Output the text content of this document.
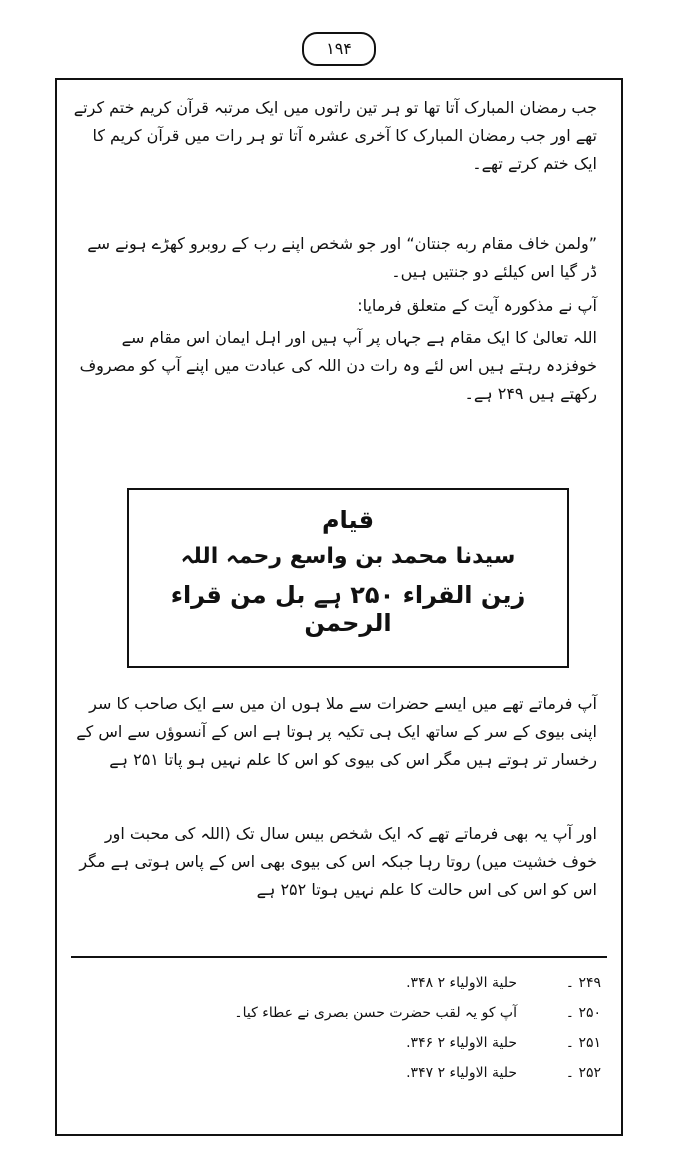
۱۹۴

جب رمضان المبارک آتا تھا تو ہر تین راتوں میں ایک مرتبہ قرآن کریم ختم کرتے تھے اور جب رمضان المبارک کا آخری عشرہ آتا تو ہر رات میں قرآن کریم کا ایک ختم کرتے تھے۔

”ولمن خاف مقام ربه جنتان“ اور جو شخص اپنے رب کے روبرو کھڑے ہونے سے ڈر گیا اس کیلئے دو جنتیں ہیں۔

آپ نے مذکورہ آیت کے متعلق فرمایا:

اللہ تعالیٰ کا ایک مقام ہے جہاں پر آپ ہیں اور اہل ایمان اس مقام سے خوفزدہ رہتے ہیں اس لئے وہ رات دن اللہ کی عبادت میں اپنے آپ کو مصروف رکھتے ہیں ۲۴۹ ہے۔

قیام
سیدنا محمد بن واسع رحمہ اللہ
زین القراء ۲۵۰ ہے بل من قراء الرحمن

آپ فرماتے تھے میں ایسے حضرات سے ملا ہوں ان میں سے ایک صاحب کا سر اپنی بیوی کے سر کے ساتھ ایک ہی تکیہ پر ہوتا ہے اس کے آنسوؤں سے اس کے رخسار تر ہوتے ہیں مگر اس کی بیوی کو اس کا علم نہیں ہو پاتا ۲۵۱ ہے

اور آپ یہ بھی فرماتے تھے کہ ایک شخص بیس سال تک (اللہ کی محبت اور خوف خشیت میں) روتا رہا جبکہ اس کی بیوی بھی اس کے پاس ہوتی ہے مگر اس کو اس کی اس حالت کا علم نہیں ہوتا ۲۵۲ ہے

۲۴۹ ۔
حلیة الاولیاء ۲ ۳۴۸.
۲۵۰ ۔
آپ کو یہ لقب حضرت حسن بصری نے عطاء کیا۔
۲۵۱ ۔
حلیة الاولیاء ۲ ۳۴۶.
۲۵۲ ۔
حلیة الاولیاء ۲ ۳۴۷.
